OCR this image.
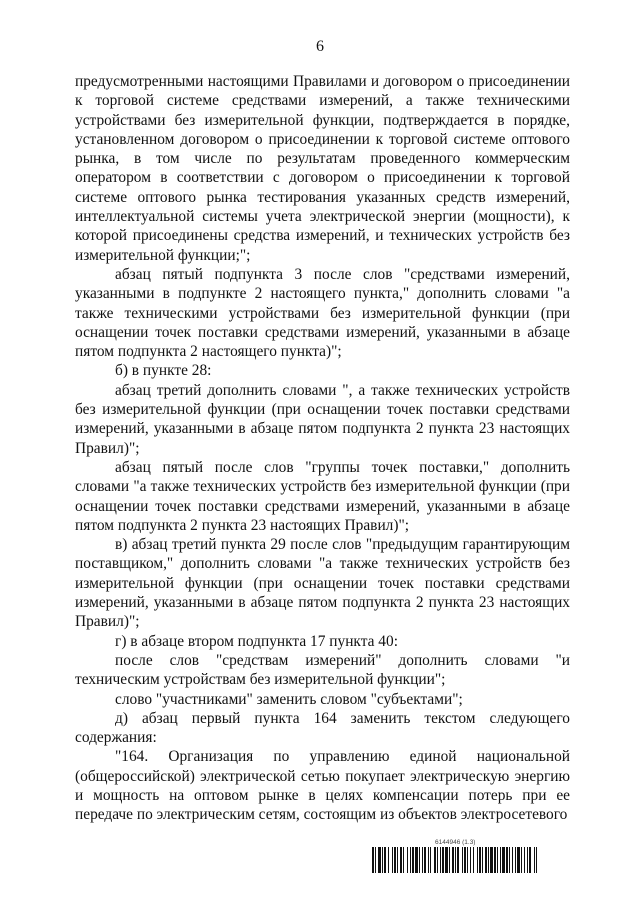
6

предусмотренными настоящими Правилами и договором о присоединении к торговой системе средствами измерений, а также техническими устройствами без измерительной функции, подтверждается в порядке, установленном договором о присоединении к торговой системе оптового рынка, в том числе по результатам проведенного коммерческим оператором в соответствии с договором о присоединении к торговой системе оптового рынка тестирования указанных средств измерений, интеллектуальной системы учета электрической энергии (мощности), к которой присоединены средства измерений, и технических устройств без измерительной функции;";

абзац пятый подпункта 3 после слов "средствами измерений, указанными в подпункте 2 настоящего пункта," дополнить словами "а также техническими устройствами без измерительной функции (при оснащении точек поставки средствами измерений, указанными в абзаце пятом подпункта 2 настоящего пункта)";

б) в пункте 28:

абзац третий дополнить словами ", а также технических устройств без измерительной функции (при оснащении точек поставки средствами измерений, указанными в абзаце пятом подпункта 2 пункта 23 настоящих Правил)";

абзац пятый после слов "группы точек поставки," дополнить словами "а также технических устройств без измерительной функции (при оснащении точек поставки средствами измерений, указанными в абзаце пятом подпункта 2 пункта 23 настоящих Правил)";

в) абзац третий пункта 29 после слов "предыдущим гарантирующим поставщиком," дополнить словами "а также технических устройств без измерительной функции (при оснащении точек поставки средствами измерений, указанными в абзаце пятом подпункта 2 пункта 23 настоящих Правил)";

г) в абзаце втором подпункта 17 пункта 40:

после слов "средствам измерений" дополнить словами "и техническим устройствам без измерительной функции";

слово "участниками" заменить словом "субъектами";

д) абзац первый пункта 164 заменить текстом следующего содержания:

"164. Организация по управлению единой национальной (общероссийской) электрической сетью покупает электрическую энергию и мощность на оптовом рынке в целях компенсации потерь при ее передаче по электрическим сетям, состоящим из объектов электросетевого

6144946 (1.3)
